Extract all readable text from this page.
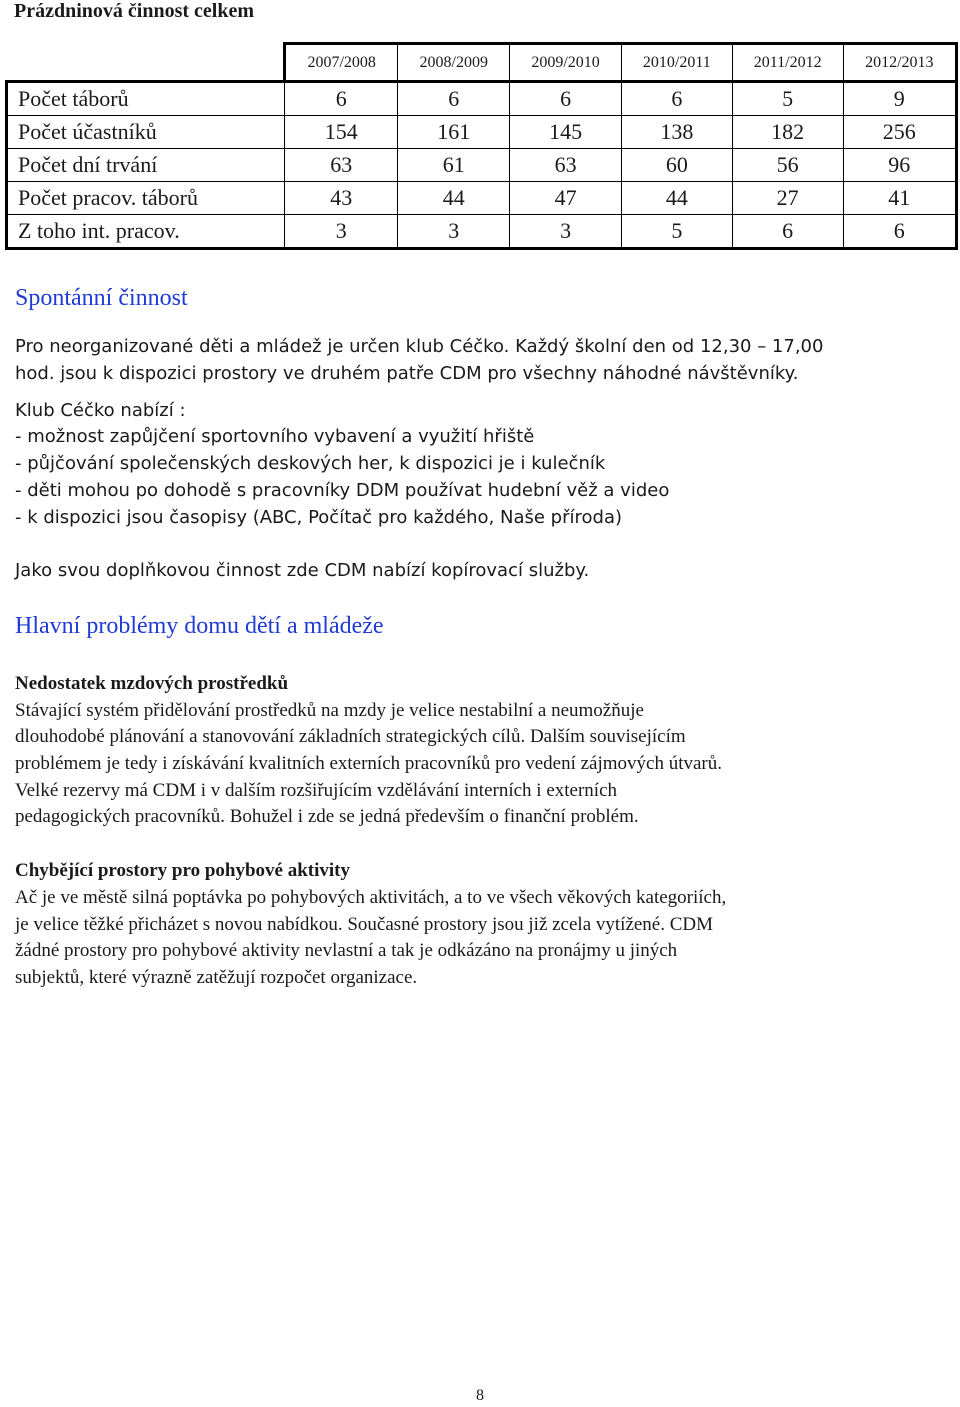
Prázdninová činnost celkem
	2007/2008	2008/2009	2009/2010	2010/2011	2011/2012	2012/2013
Počet táborů	6	6	6	6	5	9
Počet účastníků	154	161	145	138	182	256
Počet dní trvání	63	61	63	60	56	96
Počet pracov. táborů	43	44	47	44	27	41
Z toho int. pracov.	3	3	3	5	6	6
Spontánní činnost
Pro neorganizované děti a mládež je určen klub Céčko. Každý školní den od 12,30 – 17,00
hod. jsou k dispozici prostory ve druhém patře CDM pro všechny náhodné návštěvníky.
Klub Céčko nabízí :
- možnost zapůjčení sportovního vybavení a využití hřiště
- půjčování společenských deskových her, k dispozici je i kulečník
- děti mohou po dohodě s pracovníky DDM používat hudební věž a video
- k dispozici jsou časopisy (ABC, Počítač pro každého, Naše příroda)
Jako svou doplňkovou činnost zde CDM nabízí kopírovací služby.
Hlavní problémy domu dětí a mládeže
Nedostatek mzdových prostředků
Stávající systém přidělování prostředků na mzdy je velice nestabilní a neumožňuje
dlouhodobé plánování a stanovování základních strategických cílů. Dalším souvisejícím
problémem je tedy i získávání kvalitních externích pracovníků pro vedení zájmových útvarů.
Velké rezervy má CDM i v dalším rozšiřujícím vzdělávání interních i externích
pedagogických pracovníků. Bohužel i zde se jedná především o finanční problém.
Chybějící prostory pro pohybové aktivity
Ač je ve městě silná poptávka po pohybových aktivitách, a to ve všech věkových kategoriích,
je velice těžké přicházet s novou nabídkou. Současné prostory jsou již zcela vytížené. CDM
žádné prostory pro pohybové aktivity nevlastní a tak je odkázáno na pronájmy u jiných
subjektů, které výrazně zatěžují rozpočet organizace.
8
